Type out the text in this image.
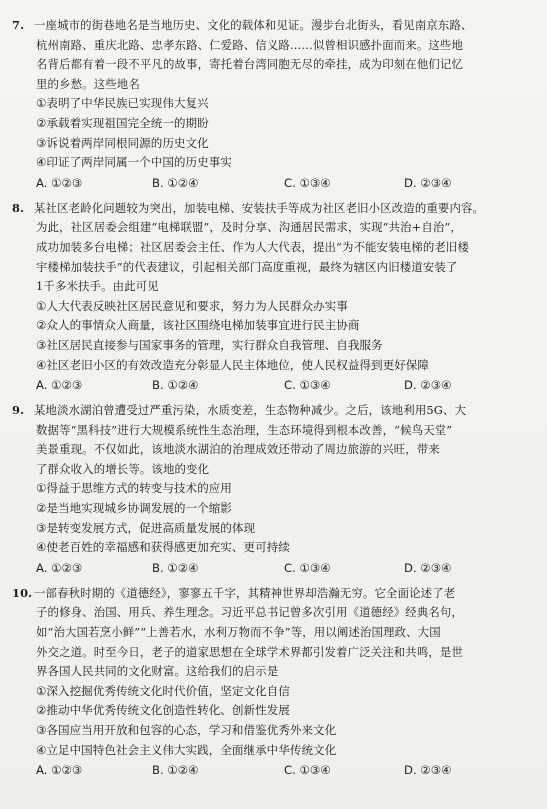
7. 一座城市的街巷地名是当地历史、文化的载体和见证。漫步台北街头，看见南京东路、
杭州南路、重庆北路、忠孝东路、仁爱路、信义路……似曾相识感扑面而来。这些地
名背后都有着一段不平凡的故事，寄托着台湾同胞无尽的牵挂，成为印刻在他们记忆
里的乡愁。这些地名
①表明了中华民族已实现伟大复兴
②承载着实现祖国完全统一的期盼
③诉说着两岸同根同源的历史文化
④印证了两岸同属一个中国的历史事实
A. ①②③	B. ①②④	C. ①③④	D. ②③④
8. 某社区老龄化问题较为突出，加装电梯、安装扶手等成为社区老旧小区改造的重要内容。
为此，社区居委会组建“电梯联盟”，及时分享、沟通居民需求，实现“共治+自治”，
成功加装多台电梯；社区居委会主任、作为人大代表，提出“为不能安装电梯的老旧楼
宇楼梯加装扶手”的代表建议，引起相关部门高度重视，最终为辖区内旧楼道安装了
1千多米扶手。由此可见
①人大代表反映社区居民意见和要求，努力为人民群众办实事
②众人的事情众人商量，该社区围绕电梯加装事宜进行民主协商
③社区居民直接参与国家事务的管理，实行群众自我管理、自我服务
④社区老旧小区的有效改造充分彰显人民主体地位，使人民权益得到更好保障
A. ①②③	B. ①②④	C. ①③④	D. ②③④
9. 某地淡水湖泊曾遭受过严重污染，水质变差，生态物种减少。之后，该地利用5G、大
数据等“黑科技”进行大规模系统性生态治理，生态环境得到根本改善，“候鸟天堂”
美景重现。不仅如此，该地淡水湖泊的治理成效还带动了周边旅游的兴旺，带来
了群众收入的增长等。该地的变化
①得益于思维方式的转变与技术的应用
②是当地实现城乡协调发展的一个缩影
③是转变发展方式，促进高质量发展的体现
④使老百姓的幸福感和获得感更加充实、更可持续
A. ①②③	B. ①②④	C. ①③④	D. ②③④
10. 一部春秋时期的《道德经》，寥寥五千字，其精神世界却浩瀚无穷。它全面论述了老
子的修身、治国、用兵、养生理念。习近平总书记曾多次引用《道德经》经典名句，
如“治大国若烹小鲜”“上善若水，水利万物而不争”等，用以阐述治国理政、大国
外交之道。时至今日，老子的道家思想在全球学术界都引发着广泛关注和共鸣，是世
界各国人民共同的文化财富。这给我们的启示是
①深入挖掘优秀传统文化时代价值，坚定文化自信
②推动中华优秀传统文化创造性转化、创新性发展
③各国应当用开放和包容的心态，学习和借鉴优秀外来文化
④立足中国特色社会主义伟大实践，全面继承中华传统文化
A. ①②③	B. ①②④	C. ①③④	D. ②③④
